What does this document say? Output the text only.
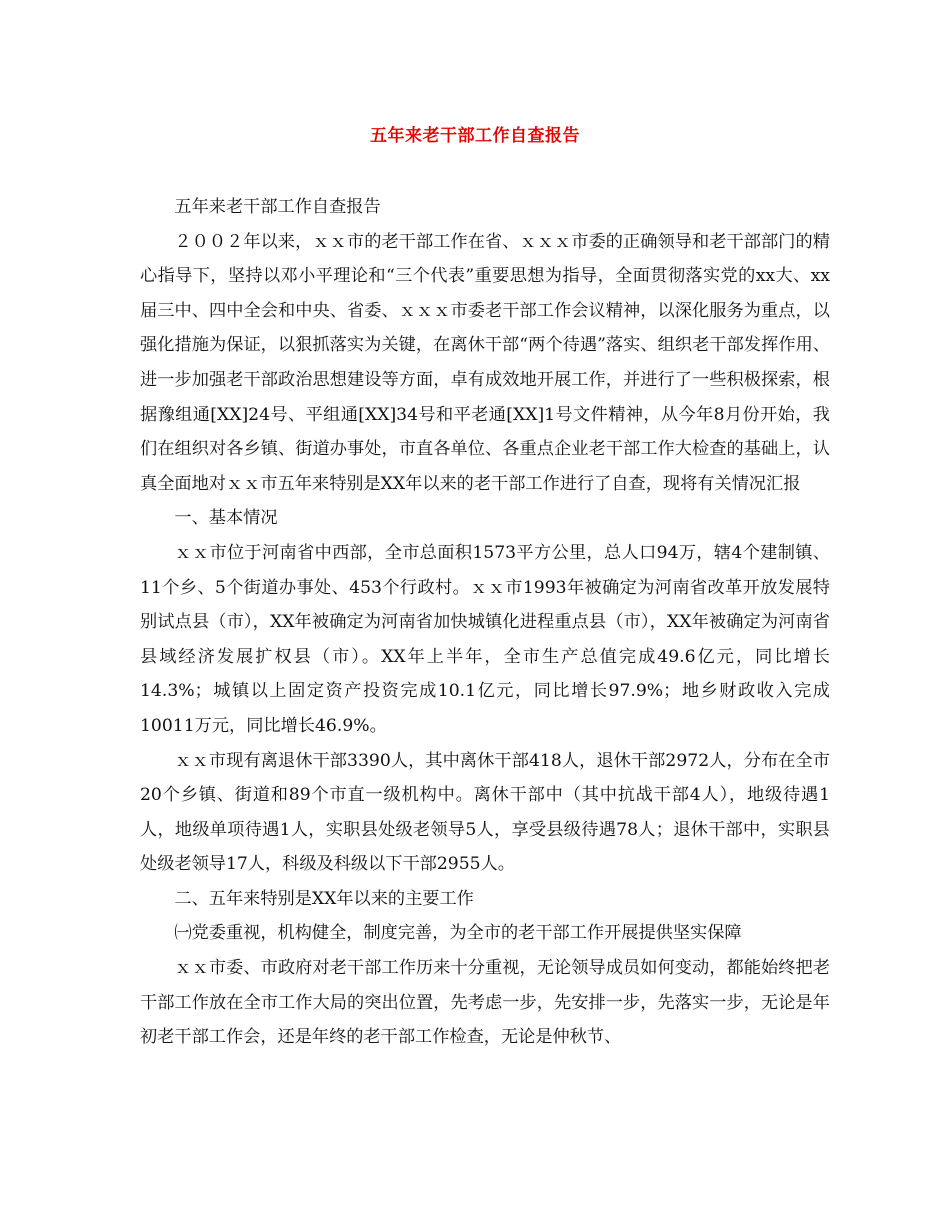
五年来老干部工作自查报告

五年来老干部工作自查报告

２００２年以来，ｘｘ市的老干部工作在省、ｘｘｘ市委的正确领导和老干部部门的精心指导下，坚持以邓小平理论和“三个代表”重要思想为指导，全面贯彻落实党的xx大、xx届三中、四中全会和中央、省委、ｘｘｘ市委老干部工作会议精神，以深化服务为重点，以强化措施为保证，以狠抓落实为关键，在离休干部“两个待遇”落实、组织老干部发挥作用、进一步加强老干部政治思想建设等方面，卓有成效地开展工作，并进行了一些积极探索，根据豫组通[XX]24号、平组通[XX]34号和平老通[XX]1号文件精神，从今年8月份开始，我们在组织对各乡镇、街道办事处，市直各单位、各重点企业老干部工作大检查的基础上，认真全面地对ｘｘ市五年来特别是XX年以来的老干部工作进行了自查，现将有关情况汇报

一、基本情况

ｘｘ市位于河南省中西部，全市总面积1573平方公里，总人口94万，辖4个建制镇、11个乡、5个街道办事处、453个行政村。ｘｘ市1993年被确定为河南省改革开放发展特别试点县（市），XX年被确定为河南省加快城镇化进程重点县（市），XX年被确定为河南省县域经济发展扩权县（市）。XX年上半年，全市生产总值完成49.6亿元，同比增长14.3%；城镇以上固定资产投资完成10.1亿元，同比增长97.9%；地乡财政收入完成10011万元，同比增长46.9%。

ｘｘ市现有离退休干部3390人，其中离休干部418人，退休干部2972人，分布在全市20个乡镇、街道和89个市直一级机构中。离休干部中（其中抗战干部4人），地级待遇1人，地级单项待遇1人，实职县处级老领导5人，享受县级待遇78人；退休干部中，实职县处级老领导17人，科级及科级以下干部2955人。

二、五年来特别是XX年以来的主要工作

㈠党委重视，机构健全，制度完善，为全市的老干部工作开展提供坚实保障

ｘｘ市委、市政府对老干部工作历来十分重视，无论领导成员如何变动，都能始终把老干部工作放在全市工作大局的突出位置，先考虑一步，先安排一步，先落实一步，无论是年初老干部工作会，还是年终的老干部工作检查，无论是仲秋节、
